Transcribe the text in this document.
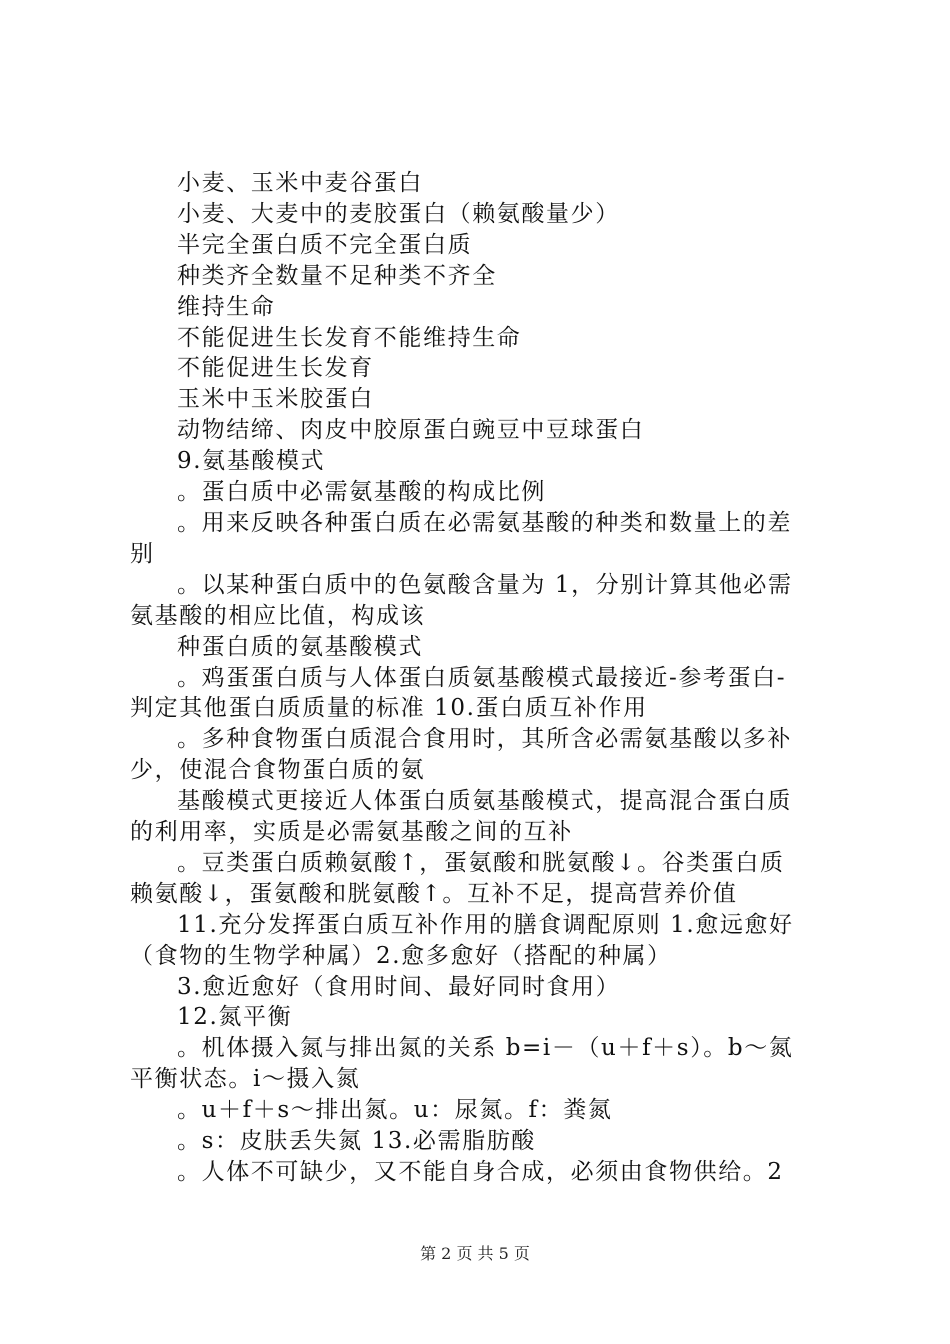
小麦、玉米中麦谷蛋白
小麦、大麦中的麦胶蛋白（赖氨酸量少）
半完全蛋白质不完全蛋白质
种类齐全数量不足种类不齐全
维持生命
不能促进生长发育不能维持生命
不能促进生长发育
玉米中玉米胶蛋白
动物结缔、肉皮中胶原蛋白豌豆中豆球蛋白
9.氨基酸模式
。蛋白质中必需氨基酸的构成比例
。用来反映各种蛋白质在必需氨基酸的种类和数量上的差
别
。以某种蛋白质中的色氨酸含量为 1，分别计算其他必需
氨基酸的相应比值，构成该
种蛋白质的氨基酸模式
。鸡蛋蛋白质与人体蛋白质氨基酸模式最接近-参考蛋白-
判定其他蛋白质质量的标准 10.蛋白质互补作用
。多种食物蛋白质混合食用时，其所含必需氨基酸以多补
少，使混合食物蛋白质的氨
基酸模式更接近人体蛋白质氨基酸模式，提高混合蛋白质
的利用率，实质是必需氨基酸之间的互补
。豆类蛋白质赖氨酸↑，蛋氨酸和胱氨酸↓。谷类蛋白质
赖氨酸↓，蛋氨酸和胱氨酸↑。互补不足，提高营养价值
11.充分发挥蛋白质互补作用的膳食调配原则 1.愈远愈好
（食物的生物学种属）2.愈多愈好（搭配的种属）
3.愈近愈好（食用时间、最好同时食用）
12.氮平衡
。机体摄入氮与排出氮的关系 b=i－（u＋f＋s）。b～氮
平衡状态。i～摄入氮
。u＋f＋s～排出氮。u：尿氮。f：粪氮
。s：皮肤丢失氮 13.必需脂肪酸
。人体不可缺少，又不能自身合成，必须由食物供给。2
第 2 页 共 5 页
